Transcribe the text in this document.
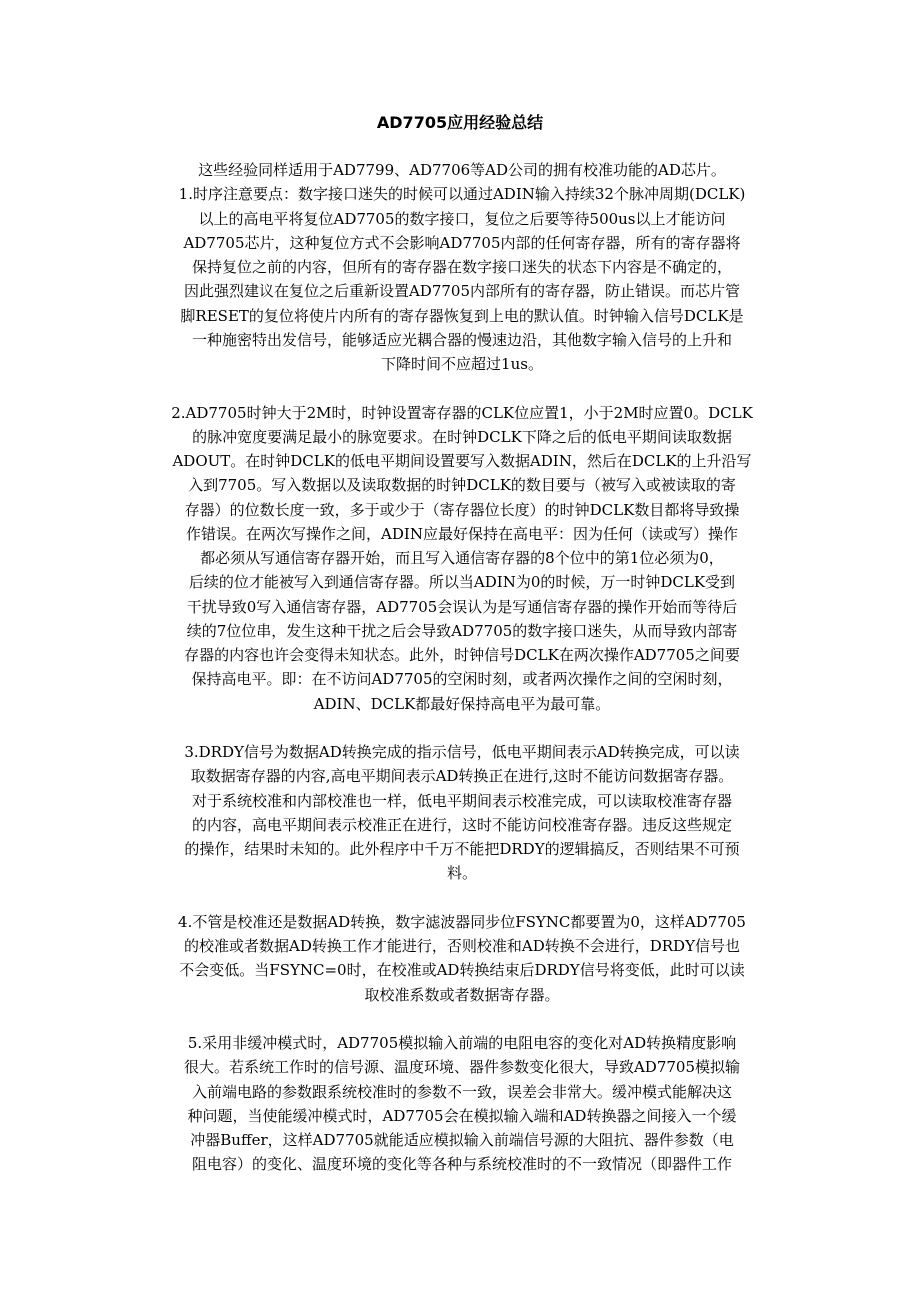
AD7705应用经验总结
这些经验同样适用于AD7799、AD7706等AD公司的拥有校准功能的AD芯片。
1.时序注意要点：数字接口迷失的时候可以通过ADIN输入持续32个脉冲周期(DCLK)
以上的高电平将复位AD7705的数字接口，复位之后要等待500us以上才能访问
AD7705芯片，这种复位方式不会影响AD7705内部的任何寄存器，所有的寄存器将
保持复位之前的内容，但所有的寄存器在数字接口迷失的状态下内容是不确定的，
因此强烈建议在复位之后重新设置AD7705内部所有的寄存器，防止错误。而芯片管
脚RESET的复位将使片内所有的寄存器恢复到上电的默认值。时钟输入信号DCLK是
一种施密特出发信号，能够适应光耦合器的慢速边沿，其他数字输入信号的上升和
下降时间不应超过1us。
2.AD7705时钟大于2M时，时钟设置寄存器的CLK位应置1，小于2M时应置0。DCLK
的脉冲宽度要满足最小的脉宽要求。在时钟DCLK下降之后的低电平期间读取数据
ADOUT。在时钟DCLK的低电平期间设置要写入数据ADIN，然后在DCLK的上升沿写
入到7705。写入数据以及读取数据的时钟DCLK的数目要与（被写入或被读取的寄
存器）的位数长度一致，多于或少于（寄存器位长度）的时钟DCLK数目都将导致操
作错误。在两次写操作之间，ADIN应最好保持在高电平：因为任何（读或写）操作
都必须从写通信寄存器开始，而且写入通信寄存器的8个位中的第1位必须为0，
后续的位才能被写入到通信寄存器。所以当ADIN为0的时候，万一时钟DCLK受到
干扰导致0写入通信寄存器，AD7705会误认为是写通信寄存器的操作开始而等待后
续的7位位串，发生这种干扰之后会导致AD7705的数字接口迷失，从而导致内部寄
存器的内容也许会变得未知状态。此外，时钟信号DCLK在两次操作AD7705之间要
保持高电平。即：在不访问AD7705的空闲时刻，或者两次操作之间的空闲时刻，
ADIN、DCLK都最好保持高电平为最可靠。
3.DRDY信号为数据AD转换完成的指示信号，低电平期间表示AD转换完成，可以读
取数据寄存器的内容,高电平期间表示AD转换正在进行,这时不能访问数据寄存器。
对于系统校准和内部校准也一样，低电平期间表示校准完成，可以读取校准寄存器
的内容，高电平期间表示校准正在进行，这时不能访问校准寄存器。违反这些规定
的操作，结果时未知的。此外程序中千万不能把DRDY的逻辑搞反，否则结果不可预
料。
4.不管是校准还是数据AD转换，数字滤波器同步位FSYNC都要置为0，这样AD7705
的校准或者数据AD转换工作才能进行，否则校准和AD转换不会进行，DRDY信号也
不会变低。当FSYNC=0时，在校准或AD转换结束后DRDY信号将变低，此时可以读
取校准系数或者数据寄存器。
5.采用非缓冲模式时，AD7705模拟输入前端的电阻电容的变化对AD转换精度影响
很大。若系统工作时的信号源、温度环境、器件参数变化很大，导致AD7705模拟输
入前端电路的参数跟系统校准时的参数不一致，误差会非常大。缓冲模式能解决这
种问题，当使能缓冲模式时，AD7705会在模拟输入端和AD转换器之间接入一个缓
冲器Buffer，这样AD7705就能适应模拟输入前端信号源的大阻抗、器件参数（电
阻电容）的变化、温度环境的变化等各种与系统校准时的不一致情况（即器件工作
